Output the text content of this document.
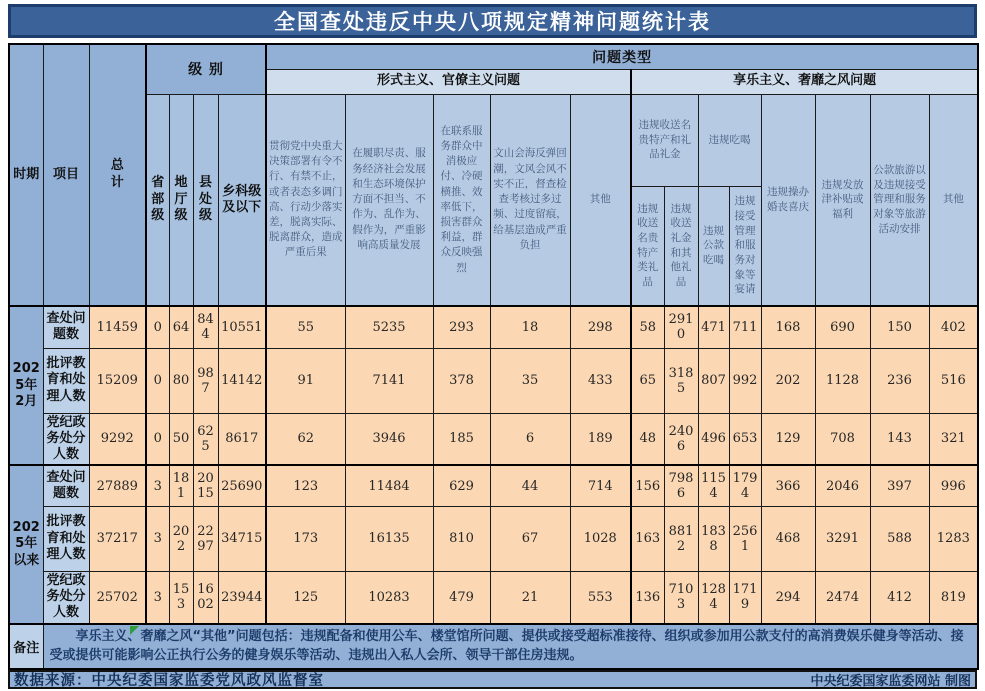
全国查处违反中央八项规定精神问题统计表
时期	项目	总计	级 别				问题类型												
							形式主义、官僚主义问题					享乐主义、奢靡之风问题							
			省部级	地厅级	县处级	乡科级及以下	贯彻党中央重大决策部署有令不行、有禁不止，或者表态多调门高、行动少落实差，脱离实际、脱离群众，造成严重后果	在履职尽责、服务经济社会发展和生态环境保护方面不担当、不作为、乱作为、假作为，严重影响高质量发展	在联系服务群众中消极应付、冷硬横推、效率低下，损害群众利益，群众反映强烈	文山会海反弹回潮，文风会风不实不正，督查检查考核过多过频、过度留痕，给基层造成严重负担	其他	违规收送名贵特产和礼品礼金		违规吃喝		违规操办婚丧喜庆	违规发放津补贴或福利	公款旅游以及违规接受管理和服务对象等旅游活动安排	其他
												违规收送名贵特产类礼品	违规收送礼金和其他礼品	违规公款吃喝	违规接受管理和服务对象等宴请				
2025年2月	查处问题数	11459	0	64	844	10551	55	5235	293	18	298	58	2910	471	711	168	690	150	402
	批评教育和处理人数	15209	0	80	987	14142	91	7141	378	35	433	65	3185	807	992	202	1128	236	516
	党纪政务处分人数	9292	0	50	625	8617	62	3946	185	6	189	48	2406	496	653	129	708	143	321
2025年以来	查处问题数	27889	3	181	2015	25690	123	11484	629	44	714	156	7986	1154	1794	366	2046	397	996
	批评教育和处理人数	37217	3	202	2297	34715	173	16135	810	67	1028	163	8812	1838	2561	468	3291	588	1283
	党纪政务处分人数	25702	3	153	1602	23944	125	10283	479	21	553	136	7103	1284	1719	294	2474	412	819
备注	享乐主义、奢靡之风“其他”问题包括：违规配备和使用公车、楼堂馆所问题、提供或接受超标准接待、组织或参加用公款支付的高消费娱乐健身等活动、接受或提供可能影响公正执行公务的健身娱乐等活动、违规出入私人会所、领导干部住房违规。																		
数据来源：中央纪委国家监委党风政风监督室	中央纪委国家监委网站 制图
